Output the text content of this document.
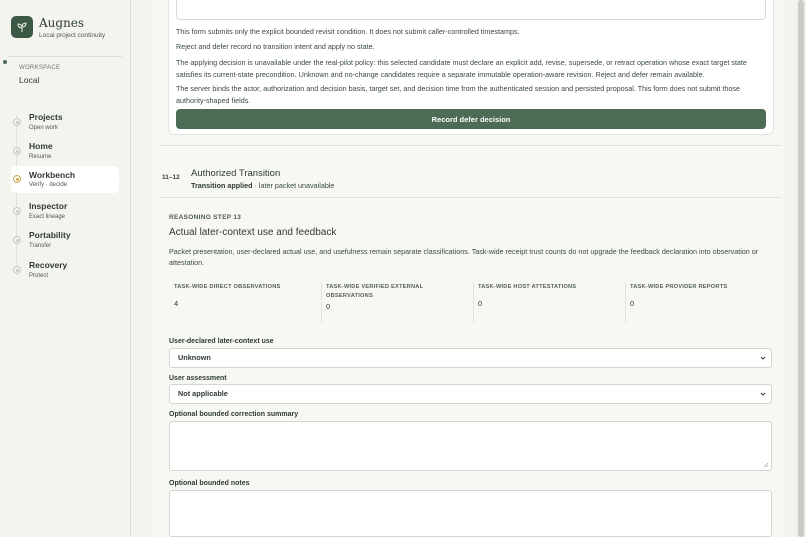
Augnes
Local project continuity
WORKSPACE
Local
Projects
Open work
Home
Resume
Workbench
Verify · decide
Inspector
Exact lineage
Portability
Transfer
Recovery
Protect
This form submits only the explicit bounded revisit condition. It does not submit caller-controlled timestamps.
Reject and defer record no transition intent and apply no state.
The applying decision is unavailable under the real-pilot policy: this selected candidate must declare an explicit add, revise, supersede, or retract operation whose exact target state satisfies its current-state precondition. Unknown and no-change candidates require a separate immutable operation-aware revision. Reject and defer remain available.
The server binds the actor, authorization and decision basis, target set, and decision time from the authenticated session and persisted proposal. This form does not submit those authority-shaped fields.
Record defer decision
11–12 Authorized Transition
Transition applied · later packet unavailable
REASONING STEP 13
Actual later-context use and feedback
Packet presentation, user-declared actual use, and usefulness remain separate classifications. Task-wide receipt trust counts do not upgrade the feedback declaration into observation or attestation.
TASK-WIDE DIRECT OBSERVATIONS
4
TASK-WIDE VERIFIED EXTERNAL OBSERVATIONS
0
TASK-WIDE HOST ATTESTATIONS
0
TASK-WIDE PROVIDER REPORTS
0
User-declared later-context use
Unknown
User assessment
Not applicable
Optional bounded correction summary
Optional bounded notes
